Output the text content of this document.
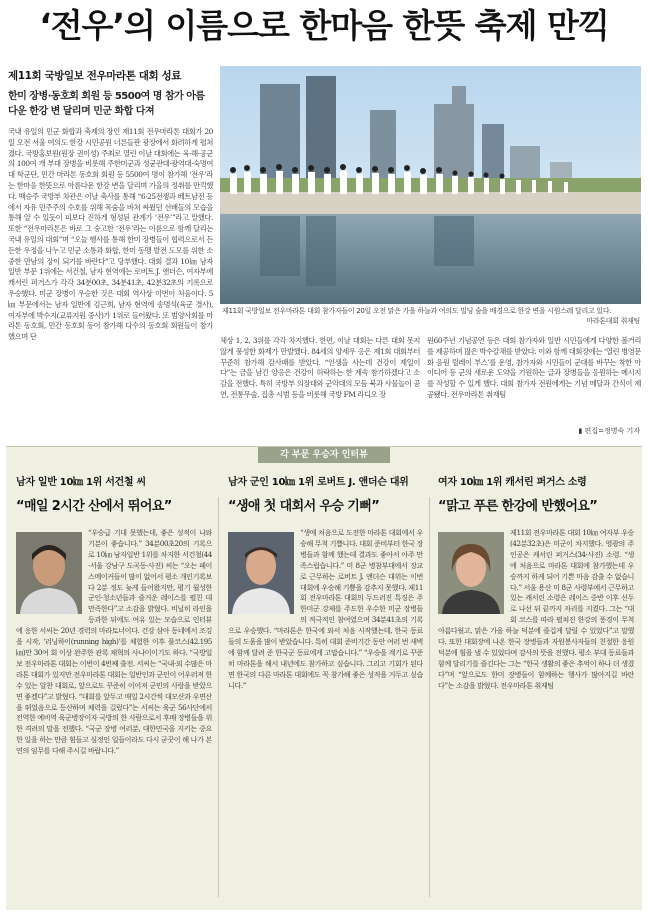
‘전우’의 이름으로 한마음 한뜻 축제 만끽
제11회 국방일보 전우마라톤 대회 성료
한미 장병·동호회 회원 등 5500여 명 참가 아름다운 한강 변 달리며 민군 화합 다져
국내 유일의 민군 화합과 축제의 장인 제11회 전우마라톤 대회가 20일 오전 서울 여의도 한강 시민공원 너른들판 광장에서 화려하게 펼쳐졌다. 국방홍보원(원장 권이성) 주최로 열린 이날 대회에는 육·해·공군의 100여 개 부대 장병을 비롯해 주한미군과 성균관대·광역대·숙명여대 학군단, 민간 마라톤 동호회 회원 등 5500여 명이 참가해 ‘전우’라는 한마음 한뜻으로 아름다운 한강 변을 달리며 가을의 정취를 만끽했다. 백승주 국방부 차관은 이날 축사를 통해 “6·25전쟁과 베트남전 등에서 자유 민주주의 수호를 위해 목숨을 바쳐 싸웠던 선배들의 모습을 통해 알 수 있듯이 피보다 진하게 형성된 관계가 ‘전우’”라고 말했다. 또한 “전우마라톤은 바로 그 숭고한 ‘전우’라는 이름으로 함께 달리는 국내 유일의 대회”며 “오늘 행사를 통해 한미 장병들이 협력으로서 든든한 우정을 나누고 민군 소통과 화합, 한미 동맹 발전 도모를 위한 소중한 만남의 장이 되기를 바란다”고 당부했다. 대회 결과 10㎞ 남자 일반 부문 1위에는 서건철, 남자 현역에는 로버트 J. 앤더슨, 여자부에 캐서린 퍼거스가 각각 34분00초, 34분41초, 42분32초의 기록으로 우승했다. 미군 장병이 우승한 것은 대회 역사상 이번이 처음이다. 5㎞ 부문에서는 남자 일반에 김근희, 남자 현역에 송명석(육군 경사), 여자부에 박수지(교류지원 중사)가 1위로 들어왔다. 또 범양사회를 마라톤 동호회, 민간 동호회 등이 참가해 다수의 동호회 회원들이 참가했으며 단
제11회 국방일보 전우마라톤 대회 참가자들이 20일 오전 맑은 가을 하늘과 여의도 빌딩 숲을 배경으로 한강 변을 시원스레 달리고 있다.
마라톤대회 취재팀
체상 1, 2, 3위를 각각 차지했다. 한편, 이날 대회는 다른 대회 못지않게 풍성한 화제가 만발했다. 84세의 양세우 옹은 제1회 대회부터 꾸준히 참가해 감사패를 받았다. “인생을 사는데 건강이 제일이다”는 금을 남긴 양옹은 건강이 허락하는 한 계속 참가하겠다고 소감을 전했다. 특히 국방부 의장대와 군악대의 모듬 북과 사물놀이 공연, 전통무술, 집총 시범 등을 비롯해 국방 FM 라디오 장
원60주년 기념공연 등은 대회 참가자와 일반 시민들에게 다양한 볼거리를 제공하며 많은 박수갈채를 받았다. 이와 함께 대회장에는 ‘열린 병영문화 음원 릴레이 부스’를 운영, 참가자와 시민들이 군대를 바꾸는 착한 아이디어 등 군의 새로운 도약을 기원하는 글과 장병들을 응원하는 메시지를 작성할 수 있게 했다. 대회 참가자 전원에게는 기념 메달과 간식이 제공됐다. 전우마라톤 취재팀
▮ 편집=정명숙 기자
각 부문 우승자 인터뷰
남자 일반 10㎞ 1위 서건철 씨	남자 군인 10㎞ 1위 로버트 J. 앤더슨 대위	여자 10㎞ 1위 캐서린 퍼거스 소령
“매일 2시간 산에서 뛰어요”
“우승급 기대 못했는데, 좋은 성적이 나와 기분이 좋습니다.” 34분00초20의 기록으로 10㎞ 남자일반 1위를 차지한 서건철(44·서울 강남구 도곡동·사진) 씨는 “오는 페이스메이커들이 많이 없어서 평소 개인기록보다 2분 정도 늦게 들어왔지만, 평기 월성한 군인·청소년들과 즐거운 레이스를 펼친 데 만족한다”고 소감을 밝혔다. 비닐히 라인을 등과한 뒤에도 여유 있는 모습으로 인터뷰에 응한 서씨는 20년 경력의 마라토너이다. 건강 삼아 동네에서 조깅을 시작, ‘러닝하이(running high)’를 체험한 이후 풀코스(42.195㎞)만 30여 회 이상 완주한 관록 채혁의 사나이이기도 하다. “국방일보 전우마라톤 대회는 이번이 4번째 출전. 서씨는 “국내·외 수많은 마라톤 대회가 있지만 전우마라톤 대회는 일반인과 군인이 어우러져 한 수 있는 알찬 대회로, 앞으로도 꾸준히 이어져 군민의 사랑을 받았으면 좋겠다”고 밝혔다. “대회를 앞두고 매일 2시간씩 대모산과 우면산을 뛰었음으로 등산하며 체력을 길렀다”는 서씨는 육군 56사단에서 전역한 예비역 육군병장이자 국방의 한 사람으로서 후배 장병들을 위한 격려의 말을 전했다. “국군 장병 여러분, 대한민국을 지키는 중요한 일을 하는 만큼 힘들고 심정인 일들이라도 다시 굳꿋이 해 나가 본연의 임무를 다해 주시길 바랍니다.”
“생애 첫 대회서 우승 기뻐”
“생애 처음으로 도전한 마라톤 대회에서 우승해 무척 기쁩니다. 대회 준비부터 한국 장병들과 함께 했는데 결과도 좋아서 아주 만족스럽습니다.” 미 8군 병참부대에서 장교로 근무하는 로버트 J. 앤더슨 대위는 이번 대회에 우승해 기쁨을 감추지 못했다. 제11회 전우마라톤 대회의 두드러진 특징은 주한미군 강제를 주도한 우수한 미군 장병들의 적극적인 참여였으며 34분41초의 기록으로 우승했다. “마라톤은 한국에 와서 처음 시작했는데, 한국 동료들의 도움을 많이 받았습니다. 특히 대회 준비기간 동안 여러 번 새벽에 함께 달려 준 한국군 동료에게 고맙습니다.” “우승을 계기로 꾸준히 마라톤을 해서 내년에도 참가하고 싶습니다. 그리고 기회가 된다면 한국의 다른 마라톤 대회에도 꼭 참가해 좋은 성적을 거두고 싶습니다.”
“맑고 푸른 한강에 반했어요”
제11회 전우마라톤 대회 10㎞ 여자부 우승(42분32초)은 미군이 차지했다. 영광의 주인공은 캐서린 퍼거스(34·사진) 소령. “생에 처음으로 마라톤 대회에 참가했는데 우승까지 하게 되어 기쁜 마음 감출 수 없습니다.” 서울 용산 미 8군 사령부에서 근무하고 있는 캐서린 소령은 레이스 중반 이후 선두로 나선 뒤 끝까지 자리를 지켰다. 그는 “대회 코스를 따라 펼쳐진 한강의 풍경이 무척 아름다웠고, 맑은 가을 하늘 덕분에 즐겁게 달릴 수 있었다”고 말했다. 또한 대회장에 나온 한국 장병들과 자원봉사자들의 친절한 응원 덕분에 힘을 낼 수 있었다며 감사의 뜻을 전했다. 평소 부대 동료들과 함께 달리기를 즐긴다는 그는 “한국 생활의 좋은 추억이 하나 더 생겼다”며 “앞으로도 한미 장병들이 함께하는 행사가 많아지길 바란다”는 소감을 밝혔다. 전우마라톤 취재팀
